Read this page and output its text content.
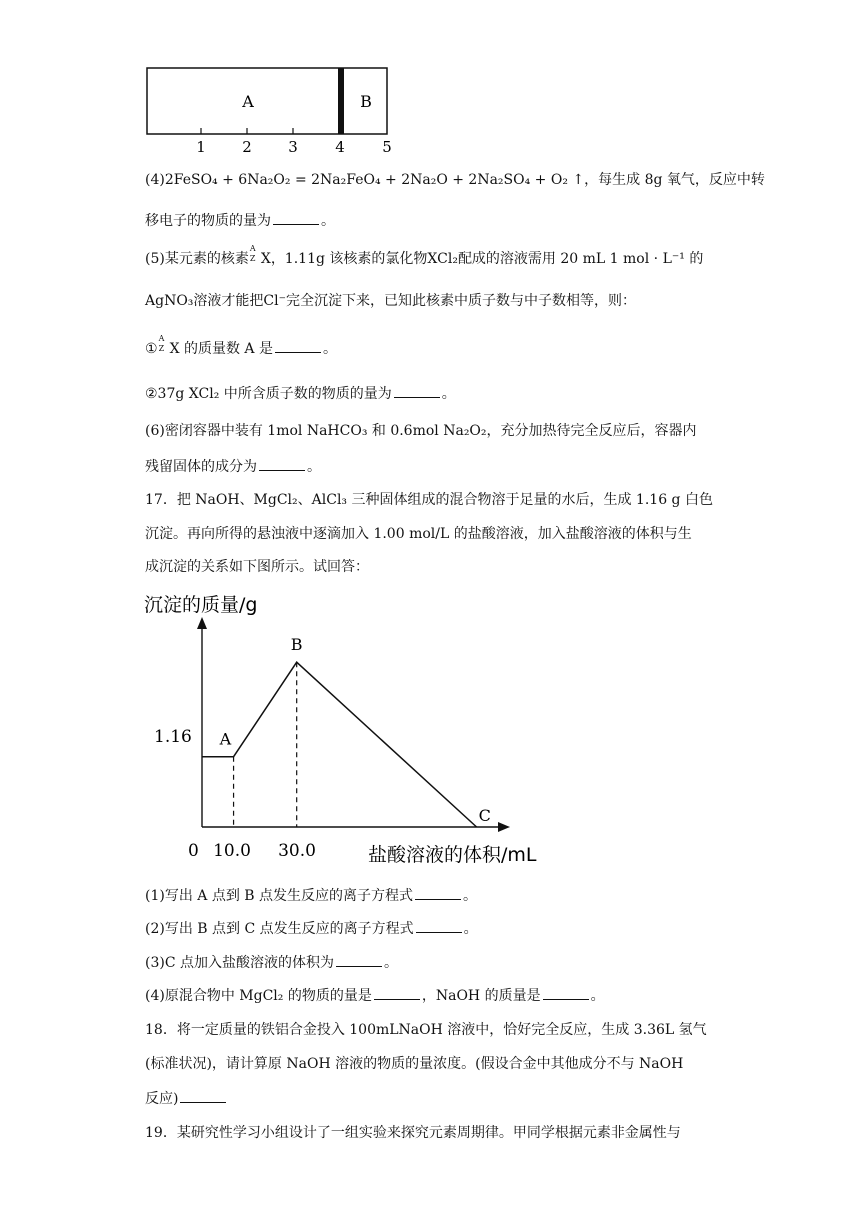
A	B
1 2 3 4 5
(4)2FeSO₄ + 6Na₂O₂ = 2Na₂FeO₄ + 2Na₂O + 2Na₂SO₄ + O₂ ↑，每生成 8g 氧气，反应中转
移电子的物质的量为	。
(5)某元素的核素
A
Z X，1.11g 该核素的氯化物XCl₂配成的溶液需用 20 mL 1 mol · L⁻¹ 的
AgNO₃溶液才能把Cl⁻完全沉淀下来，已知此核素中质子数与中子数相等，则：
①
A
Z X 的质量数 A 是	。
②37g XCl₂ 中所含质子数的物质的量为	。
(6)密闭容器中装有 1mol NaHCO₃ 和 0.6mol Na₂O₂，充分加热待完全反应后，容器内
残留固体的成分为	。
17．把 NaOH、MgCl₂、AlCl₃ 三种固体组成的混合物溶于足量的水后，生成 1.16 g 白色
沉淀。再向所得的悬浊液中逐滴加入 1.00 mol/L 的盐酸溶液，加入盐酸溶液的体积与生
成沉淀的关系如下图所示。试回答：
沉淀的质量/g
A
B
C
0 10.0 30.0
1.16
盐酸溶液的体积/mL
(1)写出 A 点到 B 点发生反应的离子方程式	。
(2)写出 B 点到 C 点发生反应的离子方程式	。
(3)C 点加入盐酸溶液的体积为	。
(4)原混合物中 MgCl₂ 的物质的量是	，NaOH 的质量是	。
18．将一定质量的铁铝合金投入 100mLNaOH 溶液中，恰好完全反应，生成 3.36L 氢气
(标准状况)，请计算原 NaOH 溶液的物质的量浓度。(假设合金中其他成分不与 NaOH
反应)
19．某研究性学习小组设计了一组实验来探究元素周期律。甲同学根据元素非金属性与
